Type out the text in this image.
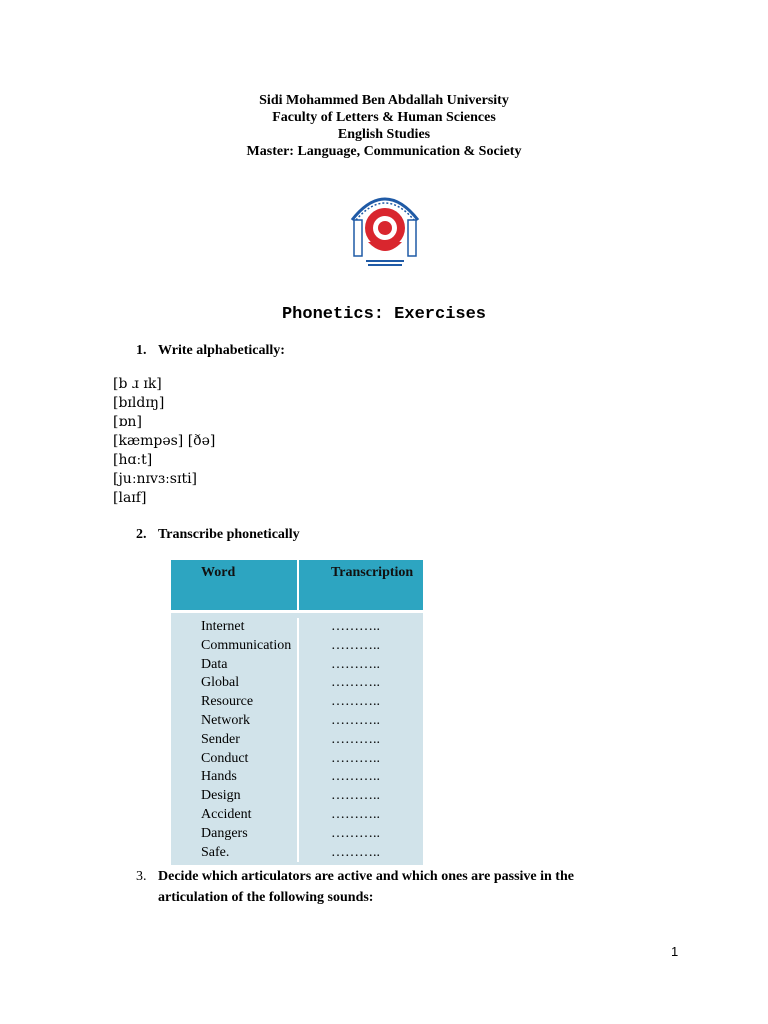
Sidi Mohammed Ben Abdallah University
Faculty of Letters & Human Sciences
English Studies
Master: Language, Communication & Society
Phonetics: Exercises
1. Write alphabetically:
[b ɹ ɪk]
[bɪldɪŋ]
[ɒn]
[kæmpəs] [ðə]
[hɑːt]
[juːnɪvɜːsɪti]
[laɪf]
2. Transcribe phonetically
Word	Transcription
Internet
Communication
Data
Global
Resource
Network
Sender
Conduct
Hands
Design
Accident
Dangers
Safe.
………..
………..
………..
………..
………..
………..
………..
………..
………..
………..
………..
………..
………..
3. Decide which articulators are active and which ones are passive in the articulation of the following sounds:
1
